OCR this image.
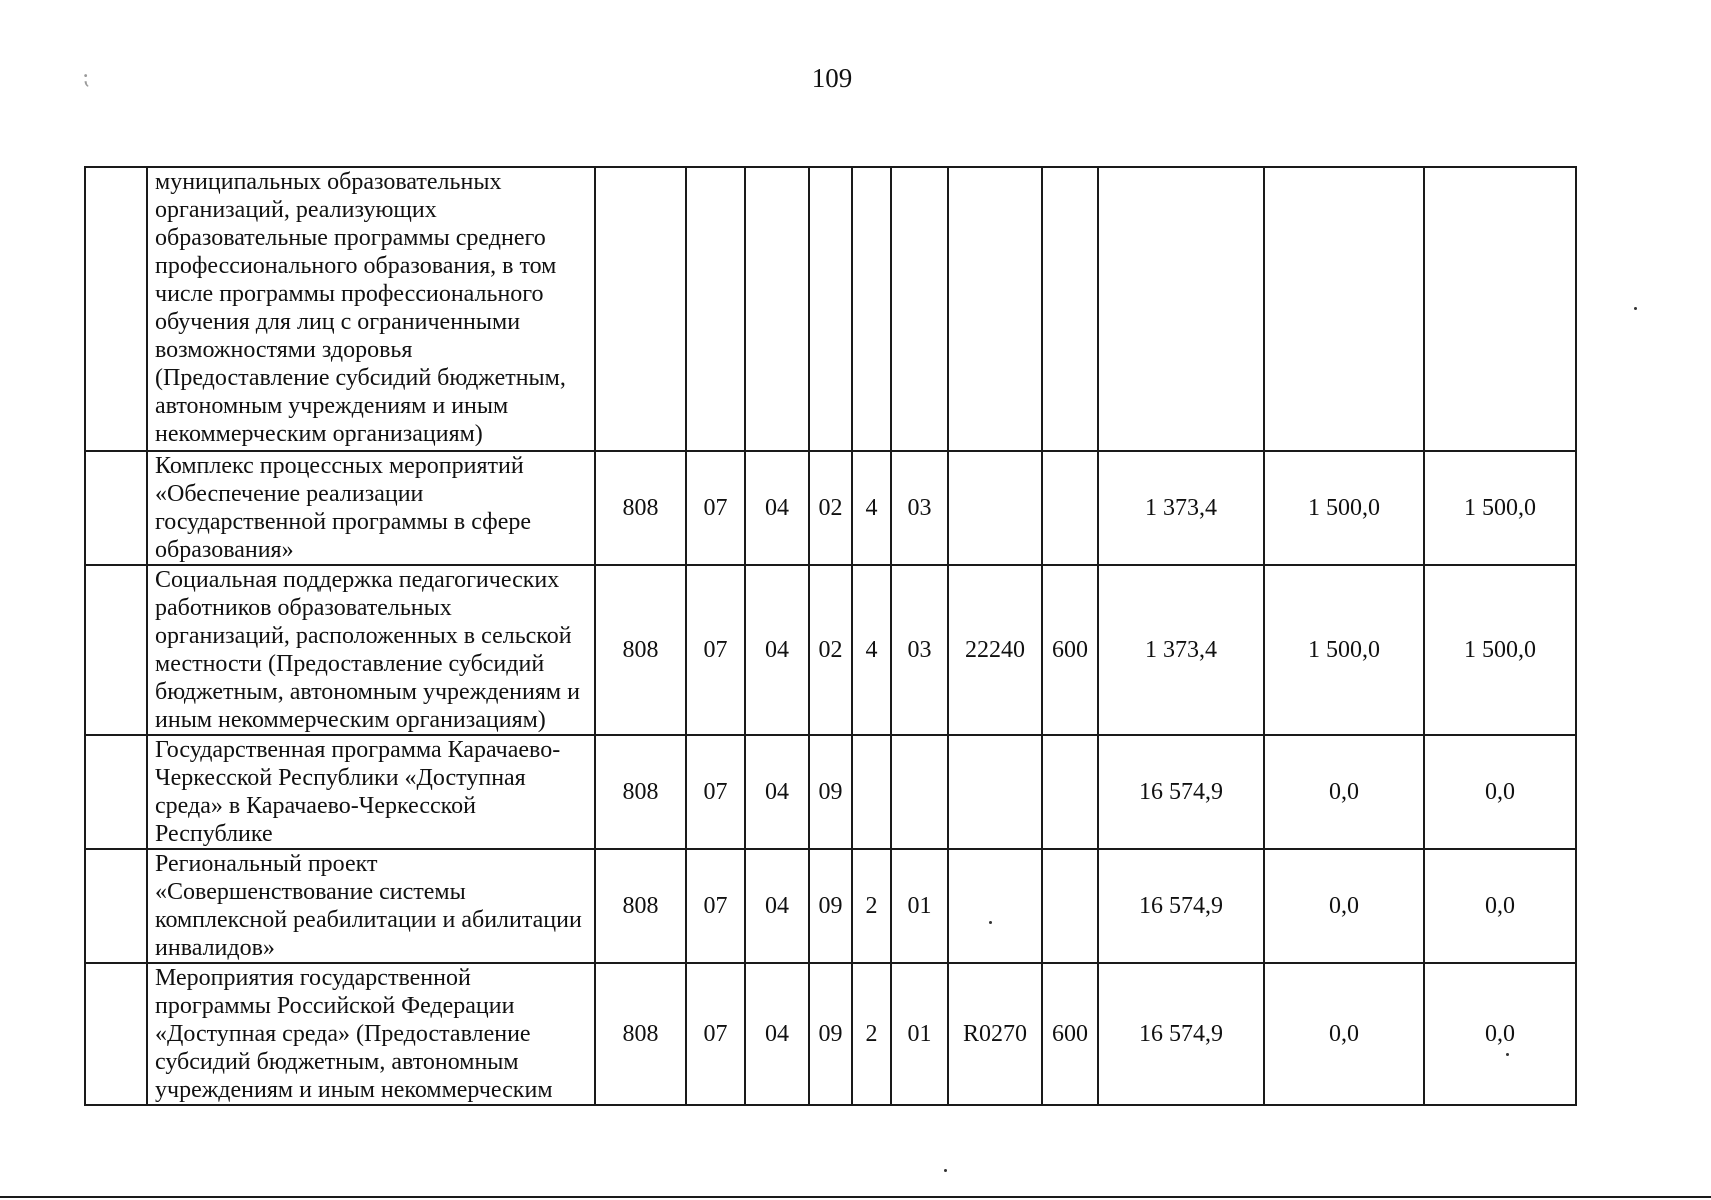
⁏	109
	муниципальных образовательных организаций, реализующих образовательные программы среднего профессионального образования, в том числе программы профессионального обучения для лиц с ограниченными возможностями здоровья (Предоставление субсидий бюджетным, автономным учреждениям и иным некоммерческим организациям)											
	Комплекс процессных мероприятий «Обеспечение реализации государственной программы в сфере образования»	808	07	04	02	4	03			1 373,4	1 500,0	1 500,0
	Социальная поддержка педагогических работников образовательных организаций, расположенных в сельской местности (Предоставление субсидий бюджетным, автономным учреждениям и иным некоммерческим организациям)	808	07	04	02	4	03	22240	600	1 373,4	1 500,0	1 500,0
	Государственная программа Карачаево-Черкесской Республики «Доступная среда» в Карачаево-Черкесской Республике	808	07	04	09					16 574,9	0,0	0,0
	Региональный проект «Совершенствование системы комплексной реабилитации и абилитации инвалидов»	808	07	04	09	2	01			16 574,9	0,0	0,0
	Мероприятия государственной программы Российской Федерации «Доступная среда» (Предоставление субсидий бюджетным, автономным учреждениям и иным некоммерческим	808	07	04	09	2	01	R0270	600	16 574,9	0,0	0,0
